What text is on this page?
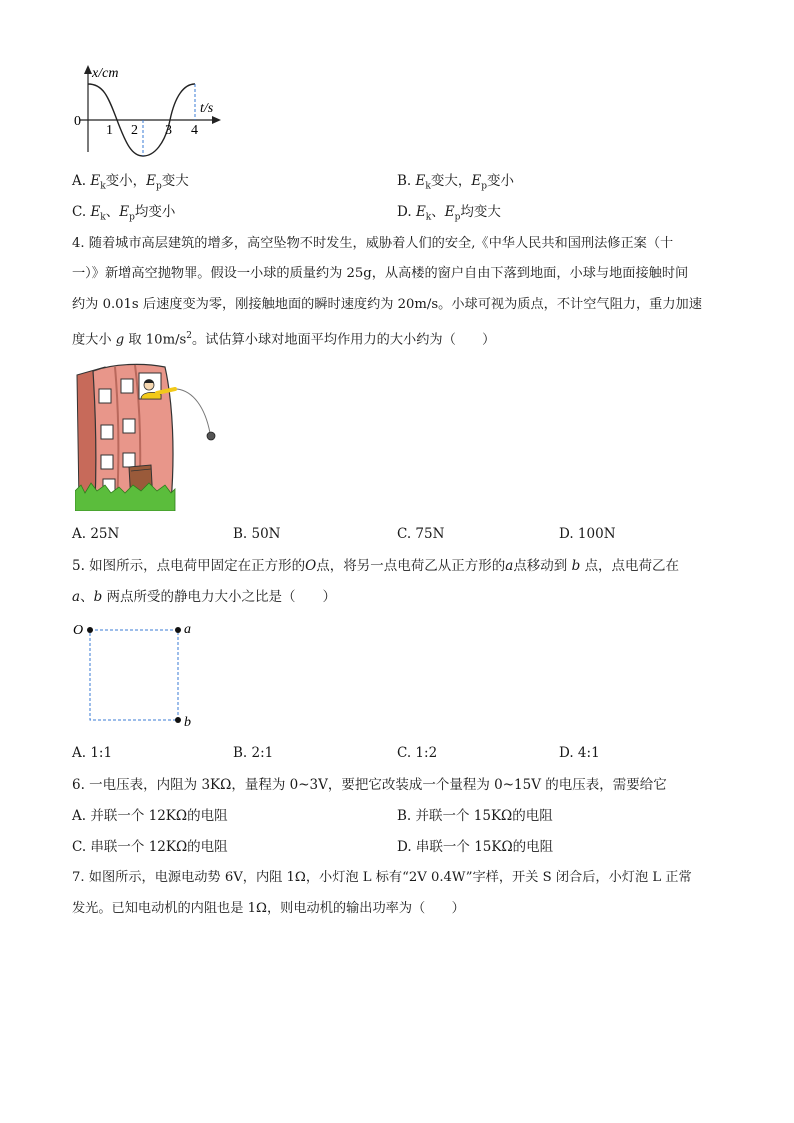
x/cm
t/s
0
1 2 3 4
A. $E_k$变小，$E_p$变大	B. $E_k$变大，$E_p$变小
C. $E_k$、$E_p$均变小	D. $E_k$、$E_p$均变大
4. 随着城市高层建筑的增多，高空坠物不时发生，威胁着人们的安全,《中华人民共和国刑法修正案（十
一）》新增高空抛物罪。假设一小球的质量约为 25g，从高楼的窗户自由下落到地面，小球与地面接触时间
约为 0.01s 后速度变为零，刚接触地面的瞬时速度约为 20m/s。小球可视为质点，不计空气阻力，重力加速
度大小 g 取 $10m/s^2$。试估算小球对地面平均作用力的大小约为（　　）
A. 25N	B. 50N	C. 75N	D. 100N
5. 如图所示，点电荷甲固定在正方形的O点，将另一点电荷乙从正方形的a点移动到 b 点，点电荷乙在
a、b 两点所受的静电力大小之比是（　　）
O	a
b
A. 1:1	B. 2:1	C. 1:2	D. 4:1
6. 一电压表，内阻为 3KΩ，量程为 0~3V，要把它改装成一个量程为 0~15V 的电压表，需要给它
A. 并联一个 12KΩ的电阻	B. 并联一个 15KΩ的电阻
C. 串联一个 12KΩ的电阻	D. 串联一个 15KΩ的电阻
7. 如图所示，电源电动势 6V，内阻 1Ω，小灯泡 L 标有“2V 0.4W”字样，开关 S 闭合后，小灯泡 L 正常
发光。已知电动机的内阻也是 1Ω，则电动机的输出功率为（　　）
